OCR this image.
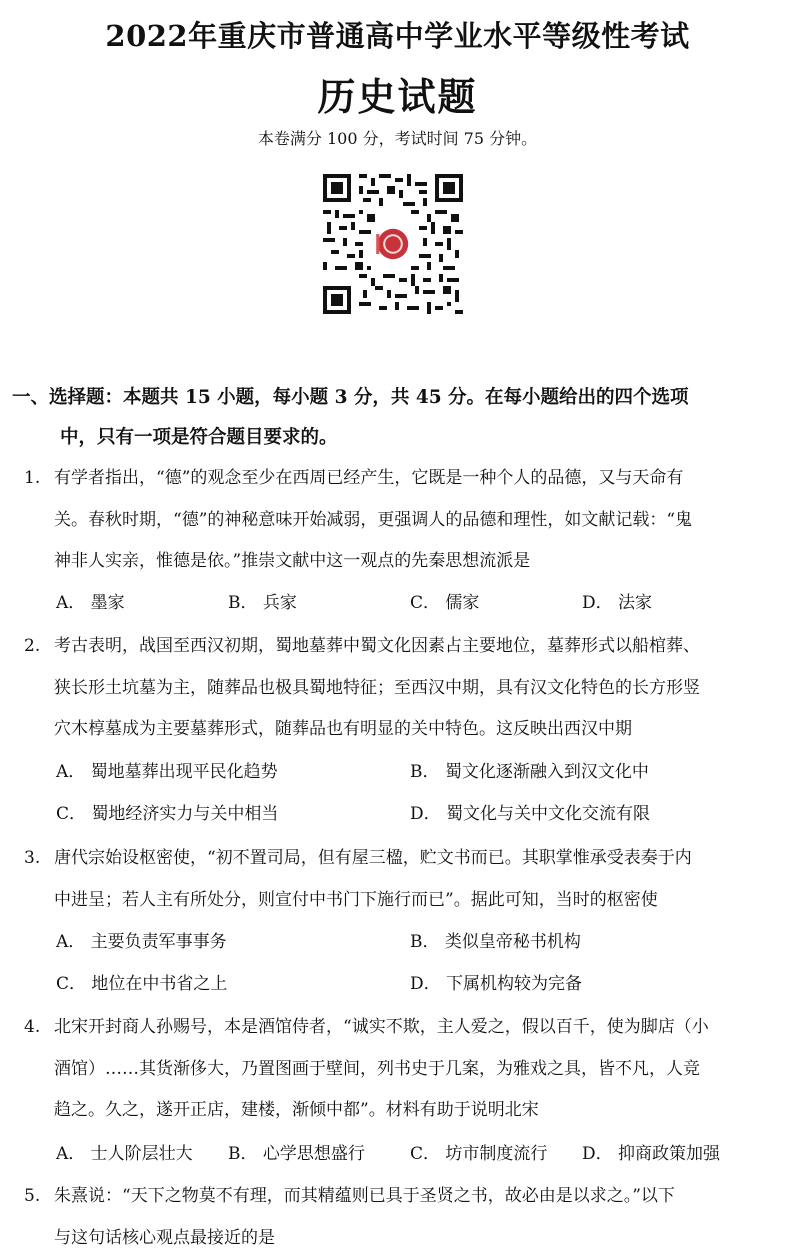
2022年重庆市普通高中学业水平等级性考试
历史试题
本卷满分 100 分，考试时间 75 分钟。
一、选择题：本题共 15 小题，每小题 3 分，共 45 分。在每小题给出的四个选项
中，只有一项是符合题目要求的。
1. 有学者指出，“德”的观念至少在西周已经产生，它既是一种个人的品德，又与天命有
关。春秋时期，“德”的神秘意味开始减弱，更强调人的品德和理性，如文献记载：“鬼
神非人实亲，惟德是依。”推崇文献中这一观点的先秦思想流派是
A． 墨家	B． 兵家	C． 儒家	D． 法家
2. 考古表明，战国至西汉初期，蜀地墓葬中蜀文化因素占主要地位，墓葬形式以船棺葬、
狭长形土坑墓为主，随葬品也极具蜀地特征；至西汉中期，具有汉文化特色的长方形竖
穴木椁墓成为主要墓葬形式，随葬品也有明显的关中特色。这反映出西汉中期
A． 蜀地墓葬出现平民化趋势	B． 蜀文化逐渐融入到汉文化中
C． 蜀地经济实力与关中相当	D． 蜀文化与关中文化交流有限
3. 唐代宗始设枢密使，“初不置司局，但有屋三楹，贮文书而已。其职掌惟承受表奏于内
中进呈；若人主有所处分，则宣付中书门下施行而已”。据此可知，当时的枢密使
A． 主要负责军事事务	B． 类似皇帝秘书机构
C． 地位在中书省之上	D． 下属机构较为完备
4. 北宋开封商人孙赐号，本是酒馆侍者，“诚实不欺，主人爱之，假以百千，使为脚店（小
酒馆）……其货渐侈大，乃置图画于壁间，列书史于几案，为雅戏之具，皆不凡，人竞
趋之。久之，遂开正店，建楼，渐倾中都”。材料有助于说明北宋
A． 士人阶层壮大 B． 心学思想盛行	C． 坊市制度流行 D． 抑商政策加强
5. 朱熹说：“天下之物莫不有理，而其精蕴则已具于圣贤之书，故必由是以求之。”以下
与这句话核心观点最接近的是
